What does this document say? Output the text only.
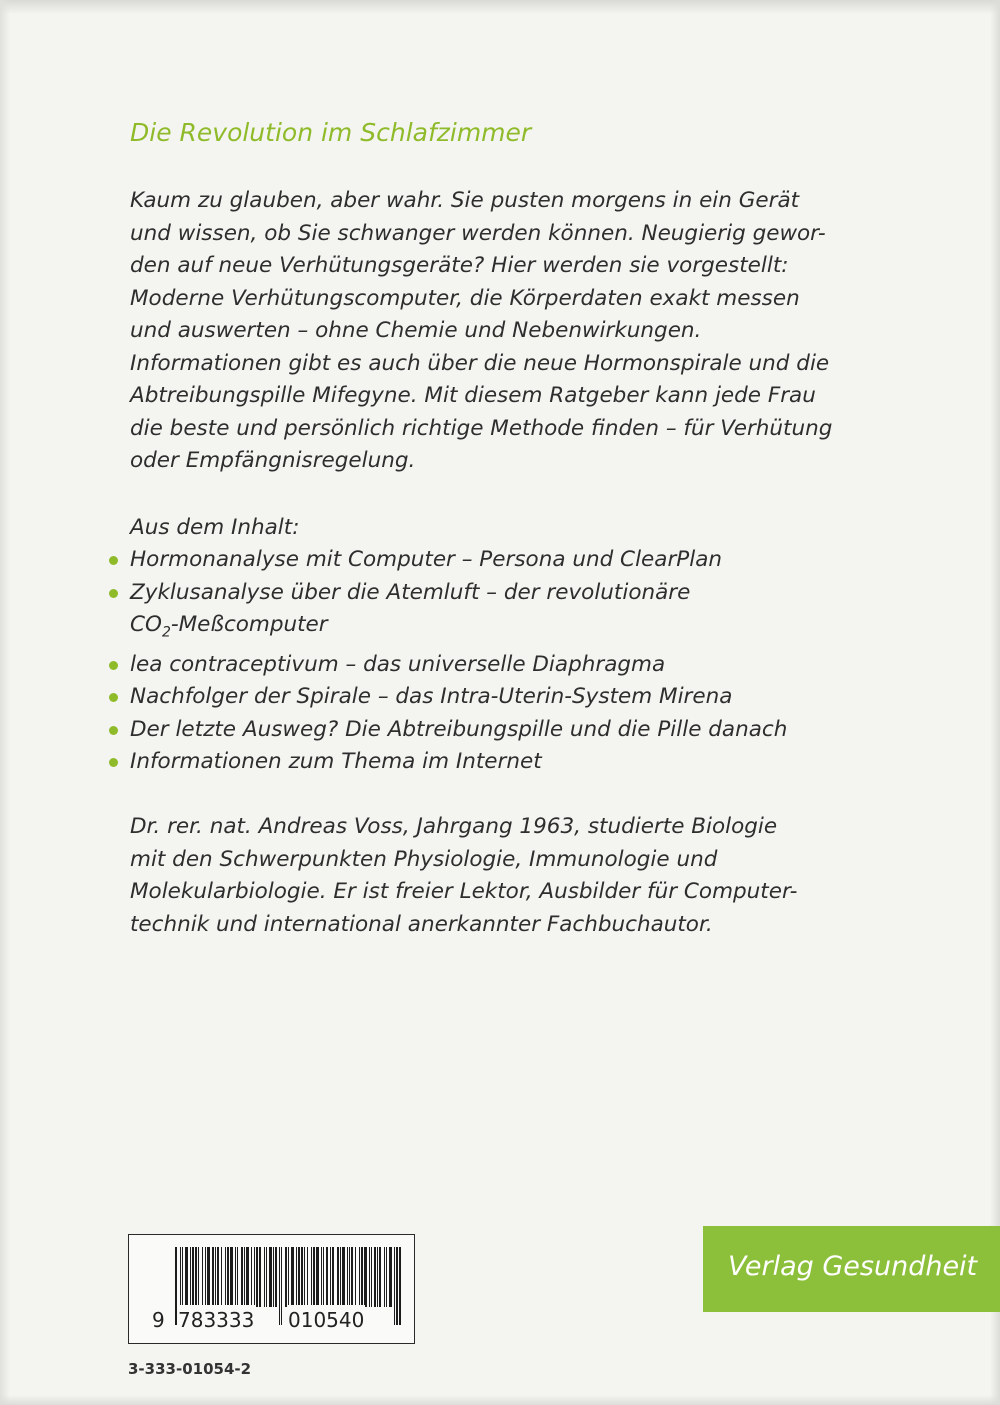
Die Revolution im Schlafzimmer
Kaum zu glauben, aber wahr. Sie pusten morgens in ein Gerät
und wissen, ob Sie schwanger werden können. Neugierig gewor-
den auf neue Verhütungsgeräte? Hier werden sie vorgestellt:
Moderne Verhütungscomputer, die Körperdaten exakt messen
und auswerten – ohne Chemie und Nebenwirkungen.
Informationen gibt es auch über die neue Hormonspirale und die
Abtreibungspille Mifegyne. Mit diesem Ratgeber kann jede Frau
die beste und persönlich richtige Methode finden – für Verhütung
oder Empfängnisregelung.
Aus dem Inhalt:
Hormonanalyse mit Computer – Persona und ClearPlan
Zyklusanalyse über die Atemluft – der revolutionäre
$CO_2$-Meßcomputer
lea contraceptivum – das universelle Diaphragma
Nachfolger der Spirale – das Intra-Uterin-System Mirena
Der letzte Ausweg? Die Abtreibungspille und die Pille danach
Informationen zum Thema im Internet
Dr. rer. nat. Andreas Voss, Jahrgang 1963, studierte Biologie
mit den Schwerpunkten Physiologie, Immunologie und
Molekularbiologie. Er ist freier Lektor, Ausbilder für Computer-
technik und international anerkannter Fachbuchautor.
Verlag Gesundheit
9 783333 010540
3-333-01054-2
